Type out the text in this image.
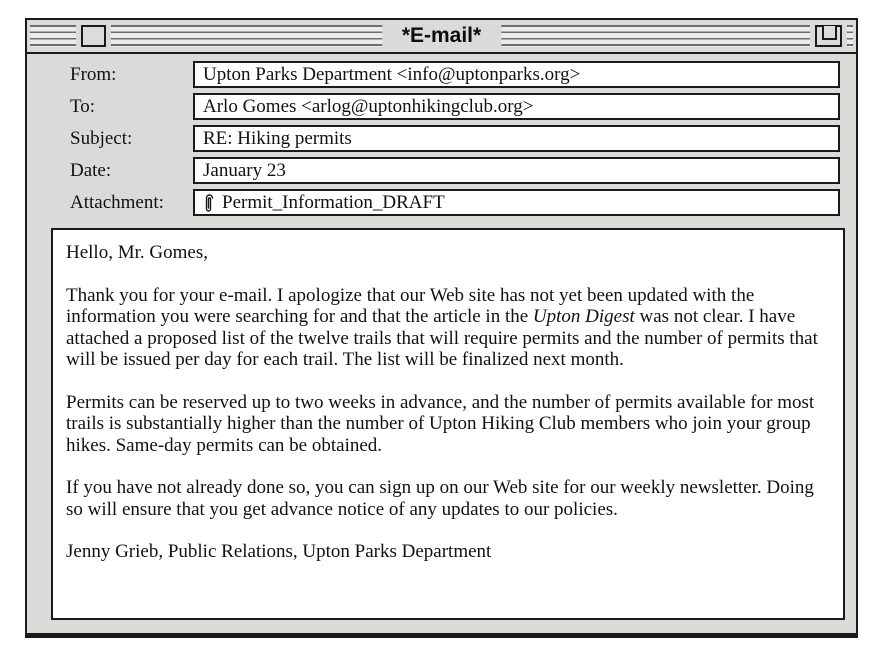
*E-mail*
From:	Upton Parks Department <info@uptonparks.org>
To:	Arlo Gomes <arlog@uptonhikingclub.org>
Subject:	RE: Hiking permits
Date:	January 23
Attachment:	Permit_Information_DRAFT

Hello, Mr. Gomes,

Thank you for your e-mail. I apologize that our Web site has not yet been updated with the information you were searching for and that the article in the Upton Digest was not clear. I have attached a proposed list of the twelve trails that will require permits and the number of permits that will be issued per day for each trail. The list will be finalized next month.

Permits can be reserved up to two weeks in advance, and the number of permits available for most trails is substantially higher than the number of Upton Hiking Club members who join your group hikes. Same-day permits can be obtained.

If you have not already done so, you can sign up on our Web site for our weekly newsletter. Doing so will ensure that you get advance notice of any updates to our policies.

Jenny Grieb, Public Relations, Upton Parks Department
